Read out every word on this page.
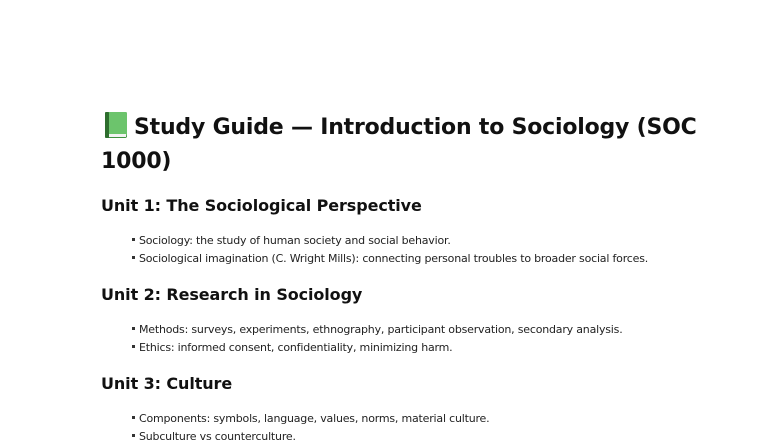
Study Guide — Introduction to Sociology (SOC 1000)
Unit 1: The Sociological Perspective
Sociology: the study of human society and social behavior.
Sociological imagination (C. Wright Mills): connecting personal troubles to broader social forces.
Unit 2: Research in Sociology
Methods: surveys, experiments, ethnography, participant observation, secondary analysis.
Ethics: informed consent, confidentiality, minimizing harm.
Unit 3: Culture
Components: symbols, language, values, norms, material culture.
Subculture vs counterculture.
